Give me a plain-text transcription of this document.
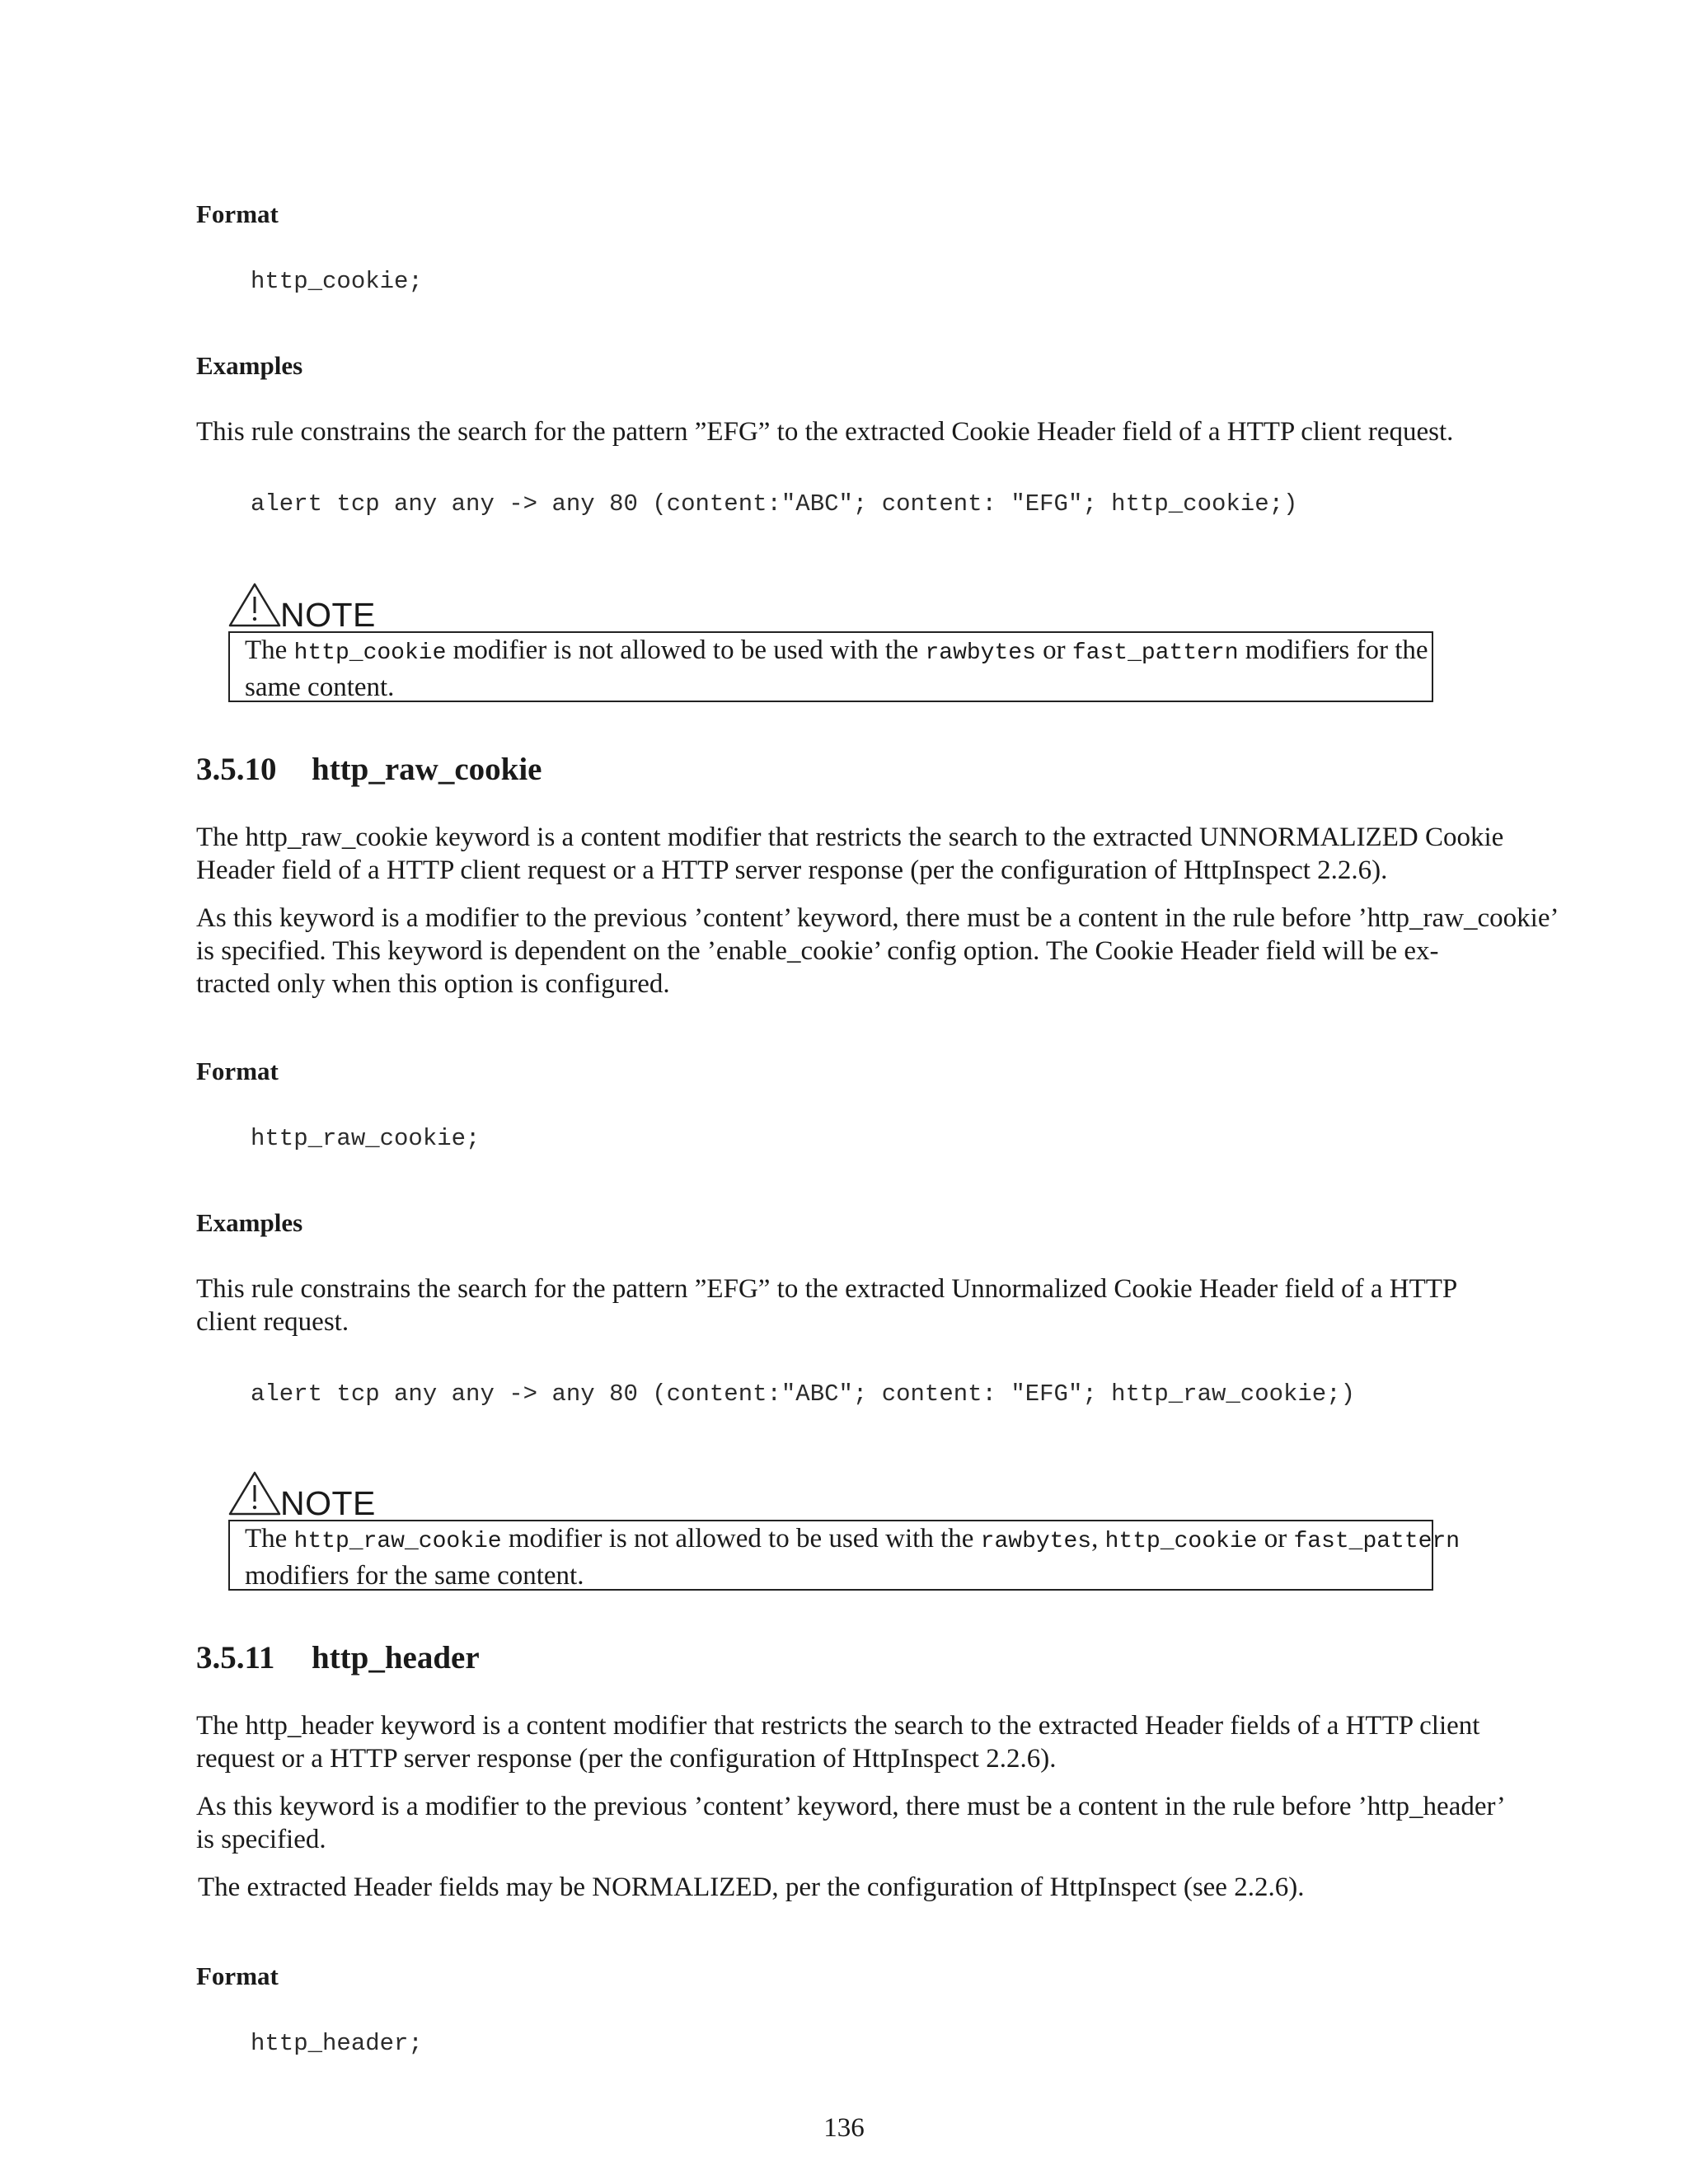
Format
http_cookie;
Examples
This rule constrains the search for the pattern ”EFG” to the extracted Cookie Header field of a HTTP client request.
alert tcp any any -> any 80 (content:"ABC"; content: "EFG"; http_cookie;)
NOTE
The http_cookie modifier is not allowed to be used with the rawbytes or fast_pattern modifiers for the
same content.
3.5.10 http_raw_cookie
The http_raw_cookie keyword is a content modifier that restricts the search to the extracted UNNORMALIZED Cookie
Header field of a HTTP client request or a HTTP server response (per the configuration of HttpInspect 2.2.6).
As this keyword is a modifier to the previous ’content’ keyword, there must be a content in the rule before ’http_raw_cookie’
is specified. This keyword is dependent on the ’enable_cookie’ config option. The Cookie Header field will be ex-
tracted only when this option is configured.
Format
http_raw_cookie;
Examples
This rule constrains the search for the pattern ”EFG” to the extracted Unnormalized Cookie Header field of a HTTP
client request.
alert tcp any any -> any 80 (content:"ABC"; content: "EFG"; http_raw_cookie;)
NOTE
The http_raw_cookie modifier is not allowed to be used with the rawbytes, http_cookie or fast_pattern
modifiers for the same content.
3.5.11 http_header
The http_header keyword is a content modifier that restricts the search to the extracted Header fields of a HTTP client
request or a HTTP server response (per the configuration of HttpInspect 2.2.6).
As this keyword is a modifier to the previous ’content’ keyword, there must be a content in the rule before ’http_header’
is specified.
The extracted Header fields may be NORMALIZED, per the configuration of HttpInspect (see 2.2.6).
Format
http_header;
136
